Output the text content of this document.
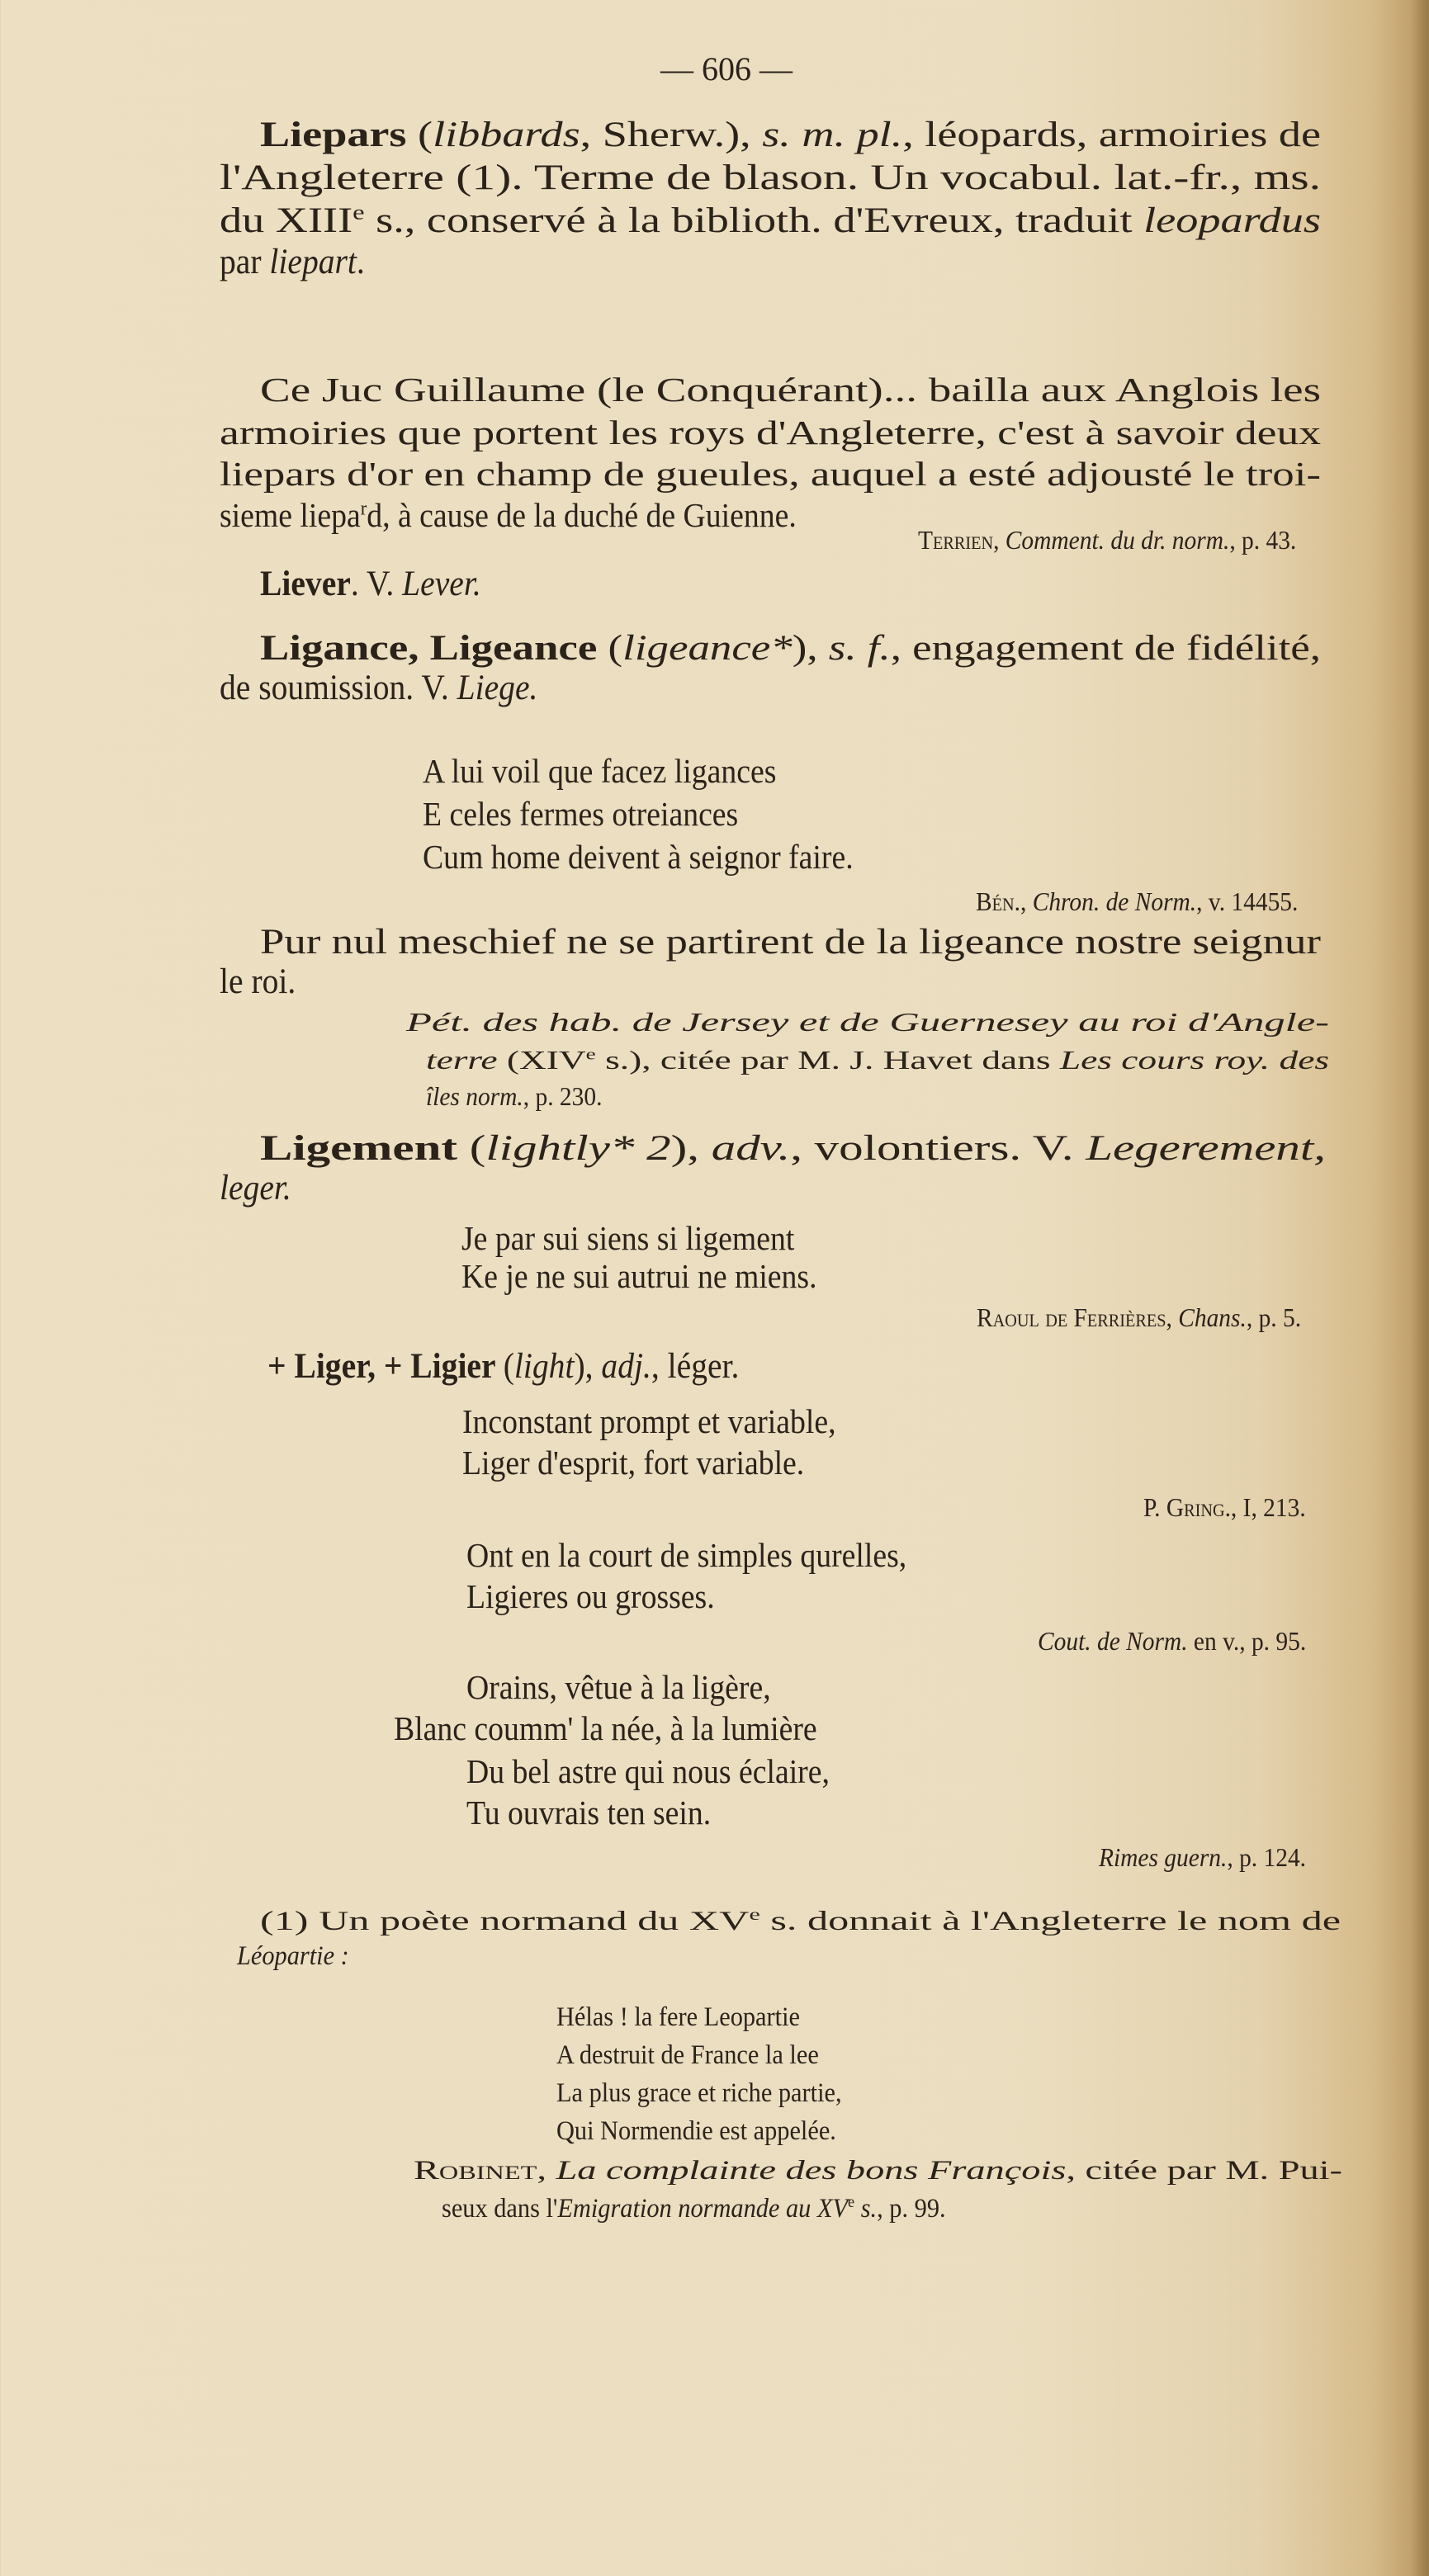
— 606 —
Liepars (libbards, Sherw.), s. m. pl., léopards, armoiries de
l'Angleterre (1). Terme de blason. Un vocabul. lat.-fr., ms.
du XIIIe s., conservé à la biblioth. d'Evreux, traduit leopardus
par liepart.
Ce Juc Guillaume (le Conquérant)... bailla aux Anglois les
armoiries que portent les roys d'Angleterre, c'est à savoir deux
liepars d'or en champ de gueules, auquel a esté adjousté le troi-
sieme liepa$^r$d, à cause de la duché de Guienne.
Terrien, Comment. du dr. norm., p. 43.
Liever. V. Lever.
Ligance, Ligeance (ligeance*), s. f., engagement de fidélité,
de soumission. V. Liege.
A lui voil que facez ligances
E celes fermes otreiances
Cum home deivent à seignor faire.
Bén., Chron. de Norm., v. 14455.
Pur nul meschief ne se partirent de la ligeance nostre seignur
le roi.
Pét. des hab. de Jersey et de Guernesey au roi d'Angle-
terre (XIVe s.), citée par M. J. Havet dans Les cours roy. des
îles norm., p. 230.
Ligement (lightly* 2), adv., volontiers. V. Legerement,
leger.
Je par sui siens si ligement
Ke je ne sui autrui ne miens.
Raoul de Ferrières, Chans., p. 5.
+ Liger, + Ligier (light), adj., léger.
Inconstant prompt et variable,
Liger d'esprit, fort variable.
P. Gring., I, 213.
Ont en la court de simples qurelles,
Ligieres ou grosses.
Cout. de Norm. en v., p. 95.
Orains, vêtue à la ligère,
Blanc coumm' la née, à la lumière
Du bel astre qui nous éclaire,
Tu ouvrais ten sein.
Rimes guern., p. 124.
(1) Un poète normand du XVe s. donnait à l'Angleterre le nom de
Léopartie :
Hélas ! la fere Leopartie
A destruit de France la lee
La plus grace et riche partie,
Qui Normendie est appelée.
Robinet, La complainte des bons François, citée par M. Pui-
seux dans l'Emigration normande au XVe s., p. 99.
